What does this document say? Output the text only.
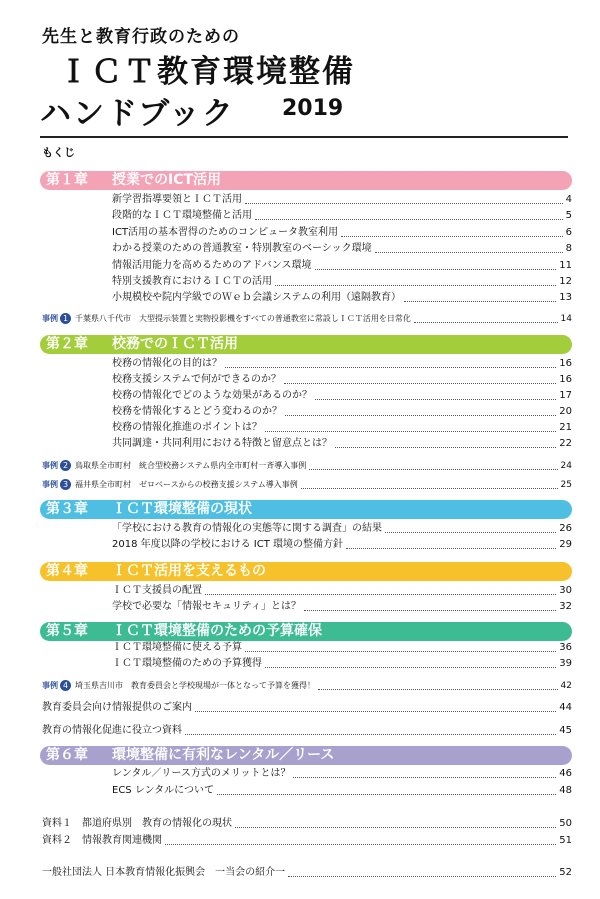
先生と教育行政のための
ＩＣＴ教育環境整備
ハンドブック 2019
もくじ
第１章 授業でのICT活用
新学習指導要領とＩＣＴ活用	4
段階的なＩＣＴ環境整備と活用	5
ICT活用の基本習得のためのコンピュータ教室利用	6
わかる授業のための普通教室・特別教室のベーシック環境	8
情報活用能力を高めるためのアドバンス環境	11
特別支援教育におけるＩＣＴの活用	12
小規模校や院内学級でのＷｅｂ会議システムの利用（遠隔教育）	13
事例 1 千葉県八千代市 大型提示装置と実物投影機をすべての普通教室に常設しＩＣＴ活用を日常化	14
第２章 校務でのＩＣＴ活用
校務の情報化の目的は？	16
校務支援システムで何ができるのか？	16
校務の情報化でどのような効果があるのか？	17
校務を情報化するとどう変わるのか？	20
校務の情報化推進のポイントは？	21
共同調達・共同利用における特徴と留意点とは？	22
事例 2 鳥取県全市町村 統合型校務システム県内全市町村一斉導入事例	24
事例 3 福井県全市町村 ゼロベースからの校務支援システム導入事例	25
第３章 ＩＣＴ環境整備の現状
「学校における教育の情報化の実態等に関する調査」の結果	26
2018 年度以降の学校における ICT 環境の整備方針	29
第４章 ＩＣＴ活用を支えるもの
ＩＣＴ支援員の配置	30
学校で必要な「情報セキュリティ」とは？	32
第５章 ＩＣＴ環境整備のための予算確保
ＩＣＴ環境整備に使える予算	36
ＩＣＴ環境整備のための予算獲得	39
事例 4 埼玉県吉川市 教育委員会と学校現場が一体となって予算を獲得！	42
教育委員会向け情報提供のご案内	44
教育の情報化促進に役立つ資料	45
第６章 環境整備に有利なレンタル／リース
レンタル／リース方式のメリットとは？	46
ECS レンタルについて	48
資料１　都道府県別　教育の情報化の現状	50
資料２　情報教育関連機関	51
一般社団法人 日本教育情報化振興会　一当会の紹介一	52
